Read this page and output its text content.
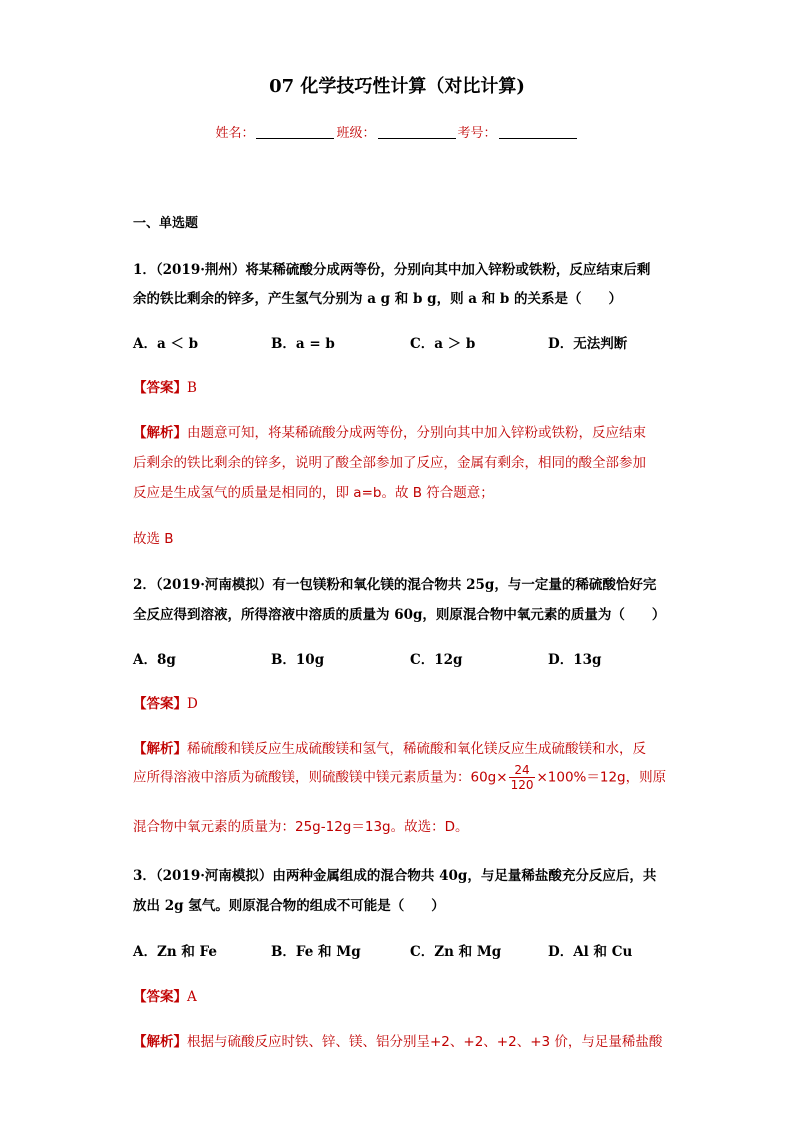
07 化学技巧性计算（对比计算)
姓名：	班级：	考号：
一、单选题
1．（2019·荆州）将某稀硫酸分成两等份，分别向其中加入锌粉或铁粉，反应结束后剩
余的铁比剩余的锌多，产生氢气分别为 a g 和 b g，则 a 和 b 的关系是（　　）
A．a ＜ b	B．a = b	C．a ＞ b	D．无法判断
【答案】B
【解析】由题意可知，将某稀硫酸分成两等份，分别向其中加入锌粉或铁粉，反应结束
后剩余的铁比剩余的锌多，说明了酸全部参加了反应，金属有剩余，相同的酸全部参加
反应是生成氢气的质量是相同的，即 a=b。故 B 符合题意；
故选 B
2．（2019·河南模拟）有一包镁粉和氧化镁的混合物共 25g，与一定量的稀硫酸恰好完
全反应得到溶液，所得溶液中溶质的质量为 60g，则原混合物中氧元素的质量为（　　）
A．8g	B．10g	C．12g	D．13g
【答案】D
【解析】稀硫酸和镁反应生成硫酸镁和氢气，稀硫酸和氧化镁反应生成硫酸镁和水，反
应所得溶液中溶质为硫酸镁，则硫酸镁中镁元素质量为：$60g\times \frac{24}{120} \times 100\%=12g$，则原
混合物中氧元素的质量为：25g-12g＝13g。故选：D。
3．（2019·河南模拟）由两种金属组成的混合物共 40g，与足量稀盐酸充分反应后，共
放出 2g 氢气。则原混合物的组成不可能是（　　）
A．Zn 和 Fe	B．Fe 和 Mg	C．Zn 和 Mg	D．Al 和 Cu
【答案】A
【解析】根据与硫酸反应时铁、锌、镁、铝分别呈+2、+2、+2、+3 价，与足量稀盐酸
